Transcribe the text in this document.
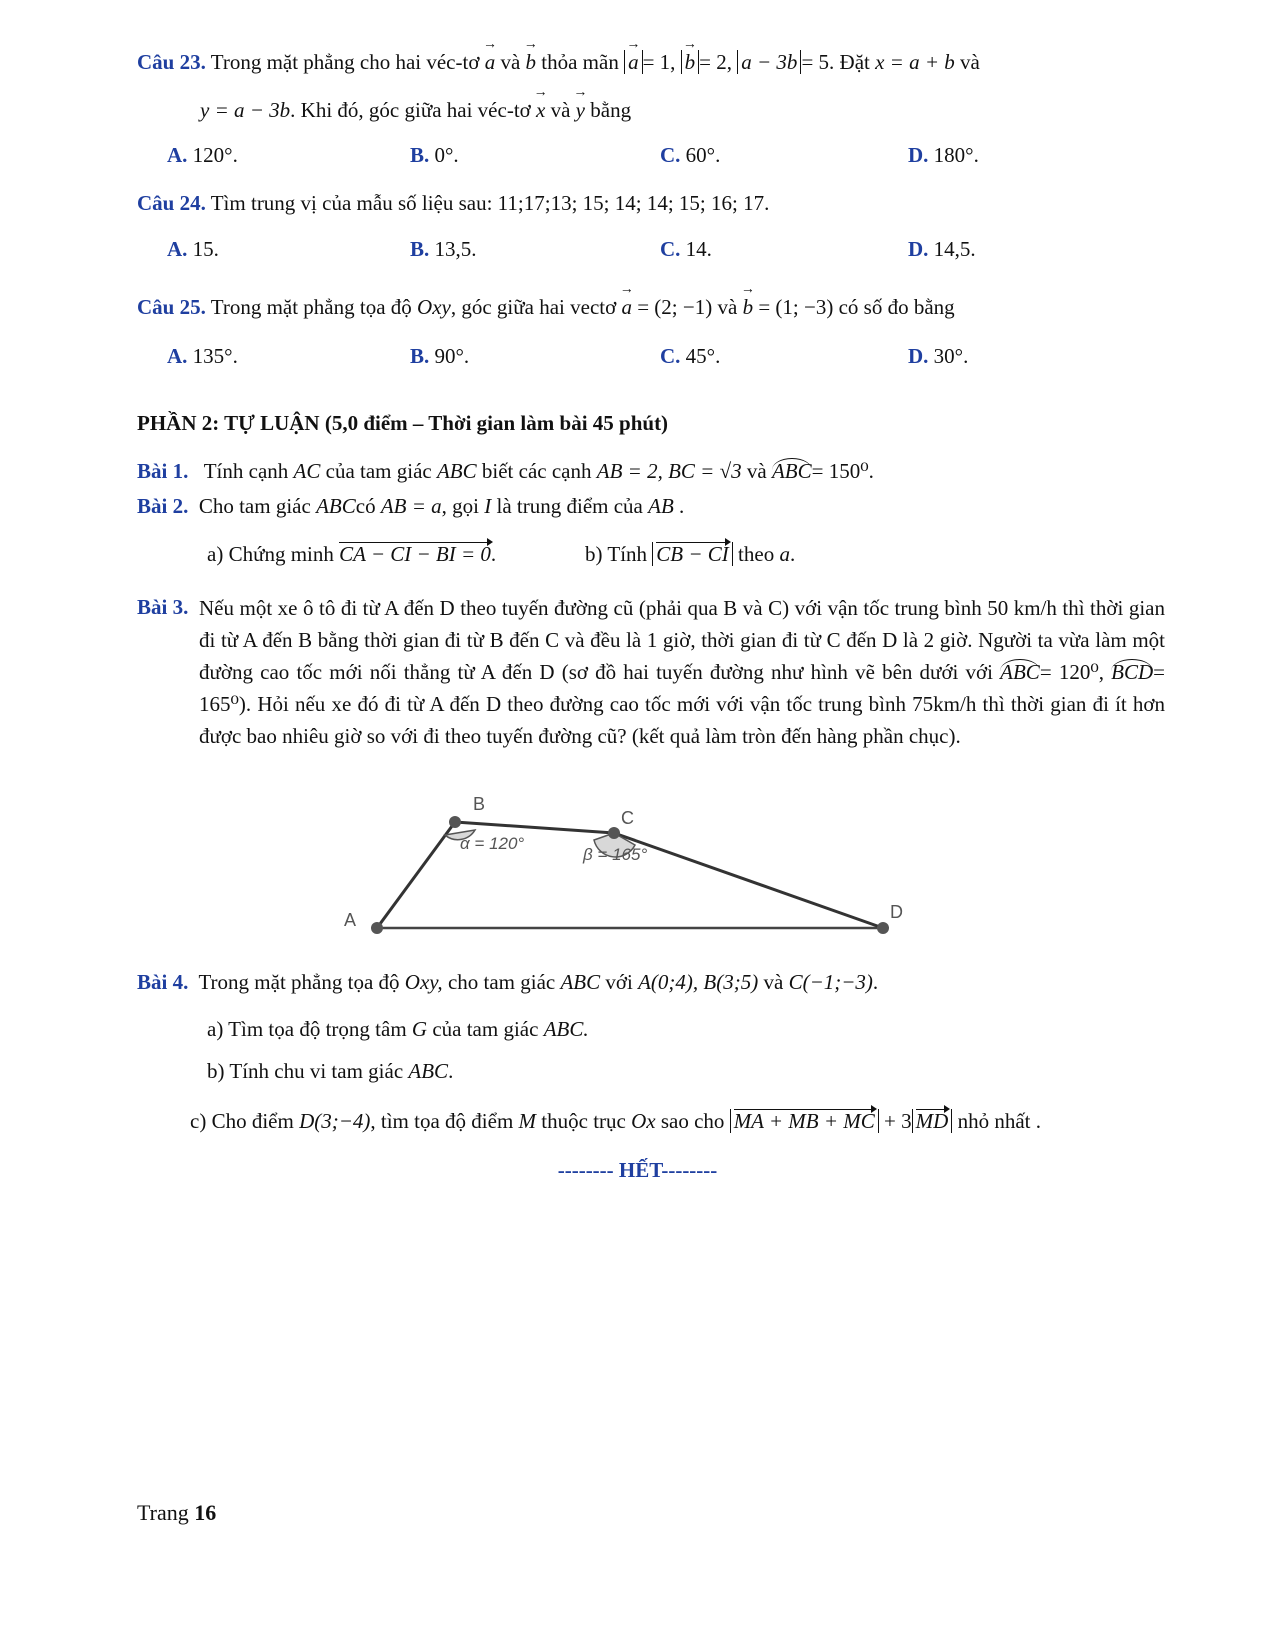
Câu 23. Trong mặt phẳng cho hai véc-tơ → a và → b thỏa mãn → a = 1, → b = 2, a − 3b = 5. Đặt x = a + b và
y = a − 3b. Khi đó, góc giữa hai véc-tơ → x và → y bằng
A. 120°.	B. 0°.	C. 60°.	D. 180°.
Câu 24. Tìm trung vị của mẫu số liệu sau: 11;17;13; 15; 14; 14; 15; 16; 17.
A. 15.	B. 13,5.	C. 14.	D. 14,5.
Câu 25. Trong mặt phẳng tọa độ Oxy, góc giữa hai vectơ → a = (2; −1) và → b = (1; −3) có số đo bằng
A. 135°.	B. 90°.	C. 45°.	D. 30°.
PHẦN 2: TỰ LUẬN (5,0 điểm – Thời gian làm bài 45 phút)
Bài 1. Tính cạnh AC của tam giác ABC biết các cạnh AB = 2, BC = √3 và ABC= 150⁰.
Bài 2. Cho tam giác ABCcó AB = a, gọi I là trung điểm của AB .
a) Chứng minh CA − CI − BI = 0.	b) Tính CB − CI theo a.
Bài 3. Nếu một xe ô tô đi từ A đến D theo tuyến đường cũ (phải qua B và C) với vận tốc trung bình 50 km/h thì thời gian đi từ A đến B bằng thời gian đi từ B đến C và đều là 1 giờ, thời gian đi từ C đến D là 2 giờ. Người ta vừa làm một đường cao tốc mới nối thẳng từ A đến D (sơ đồ hai tuyến đường như hình vẽ bên dưới với ABC= 120⁰, BCD= 165⁰). Hỏi nếu xe đó đi từ A đến D theo đường cao tốc mới với vận tốc trung bình 75km/h thì thời gian đi ít hơn được bao nhiêu giờ so với đi theo tuyến đường cũ? (kết quả làm tròn đến hàng phần chục).
A
B
C
D
α = 120°
β = 165°
Bài 4. Trong mặt phẳng tọa độ Oxy, cho tam giác ABC với A(0;4), B(3;5) và C(−1;−3).
a) Tìm tọa độ trọng tâm G của tam giác ABC.
b) Tính chu vi tam giác ABC.
c) Cho điểm D(3;−4), tìm tọa độ điểm M thuộc trục Ox sao cho MA + MB + MC + 3 MD nhỏ nhất .
-------- HẾT--------
Trang 16
